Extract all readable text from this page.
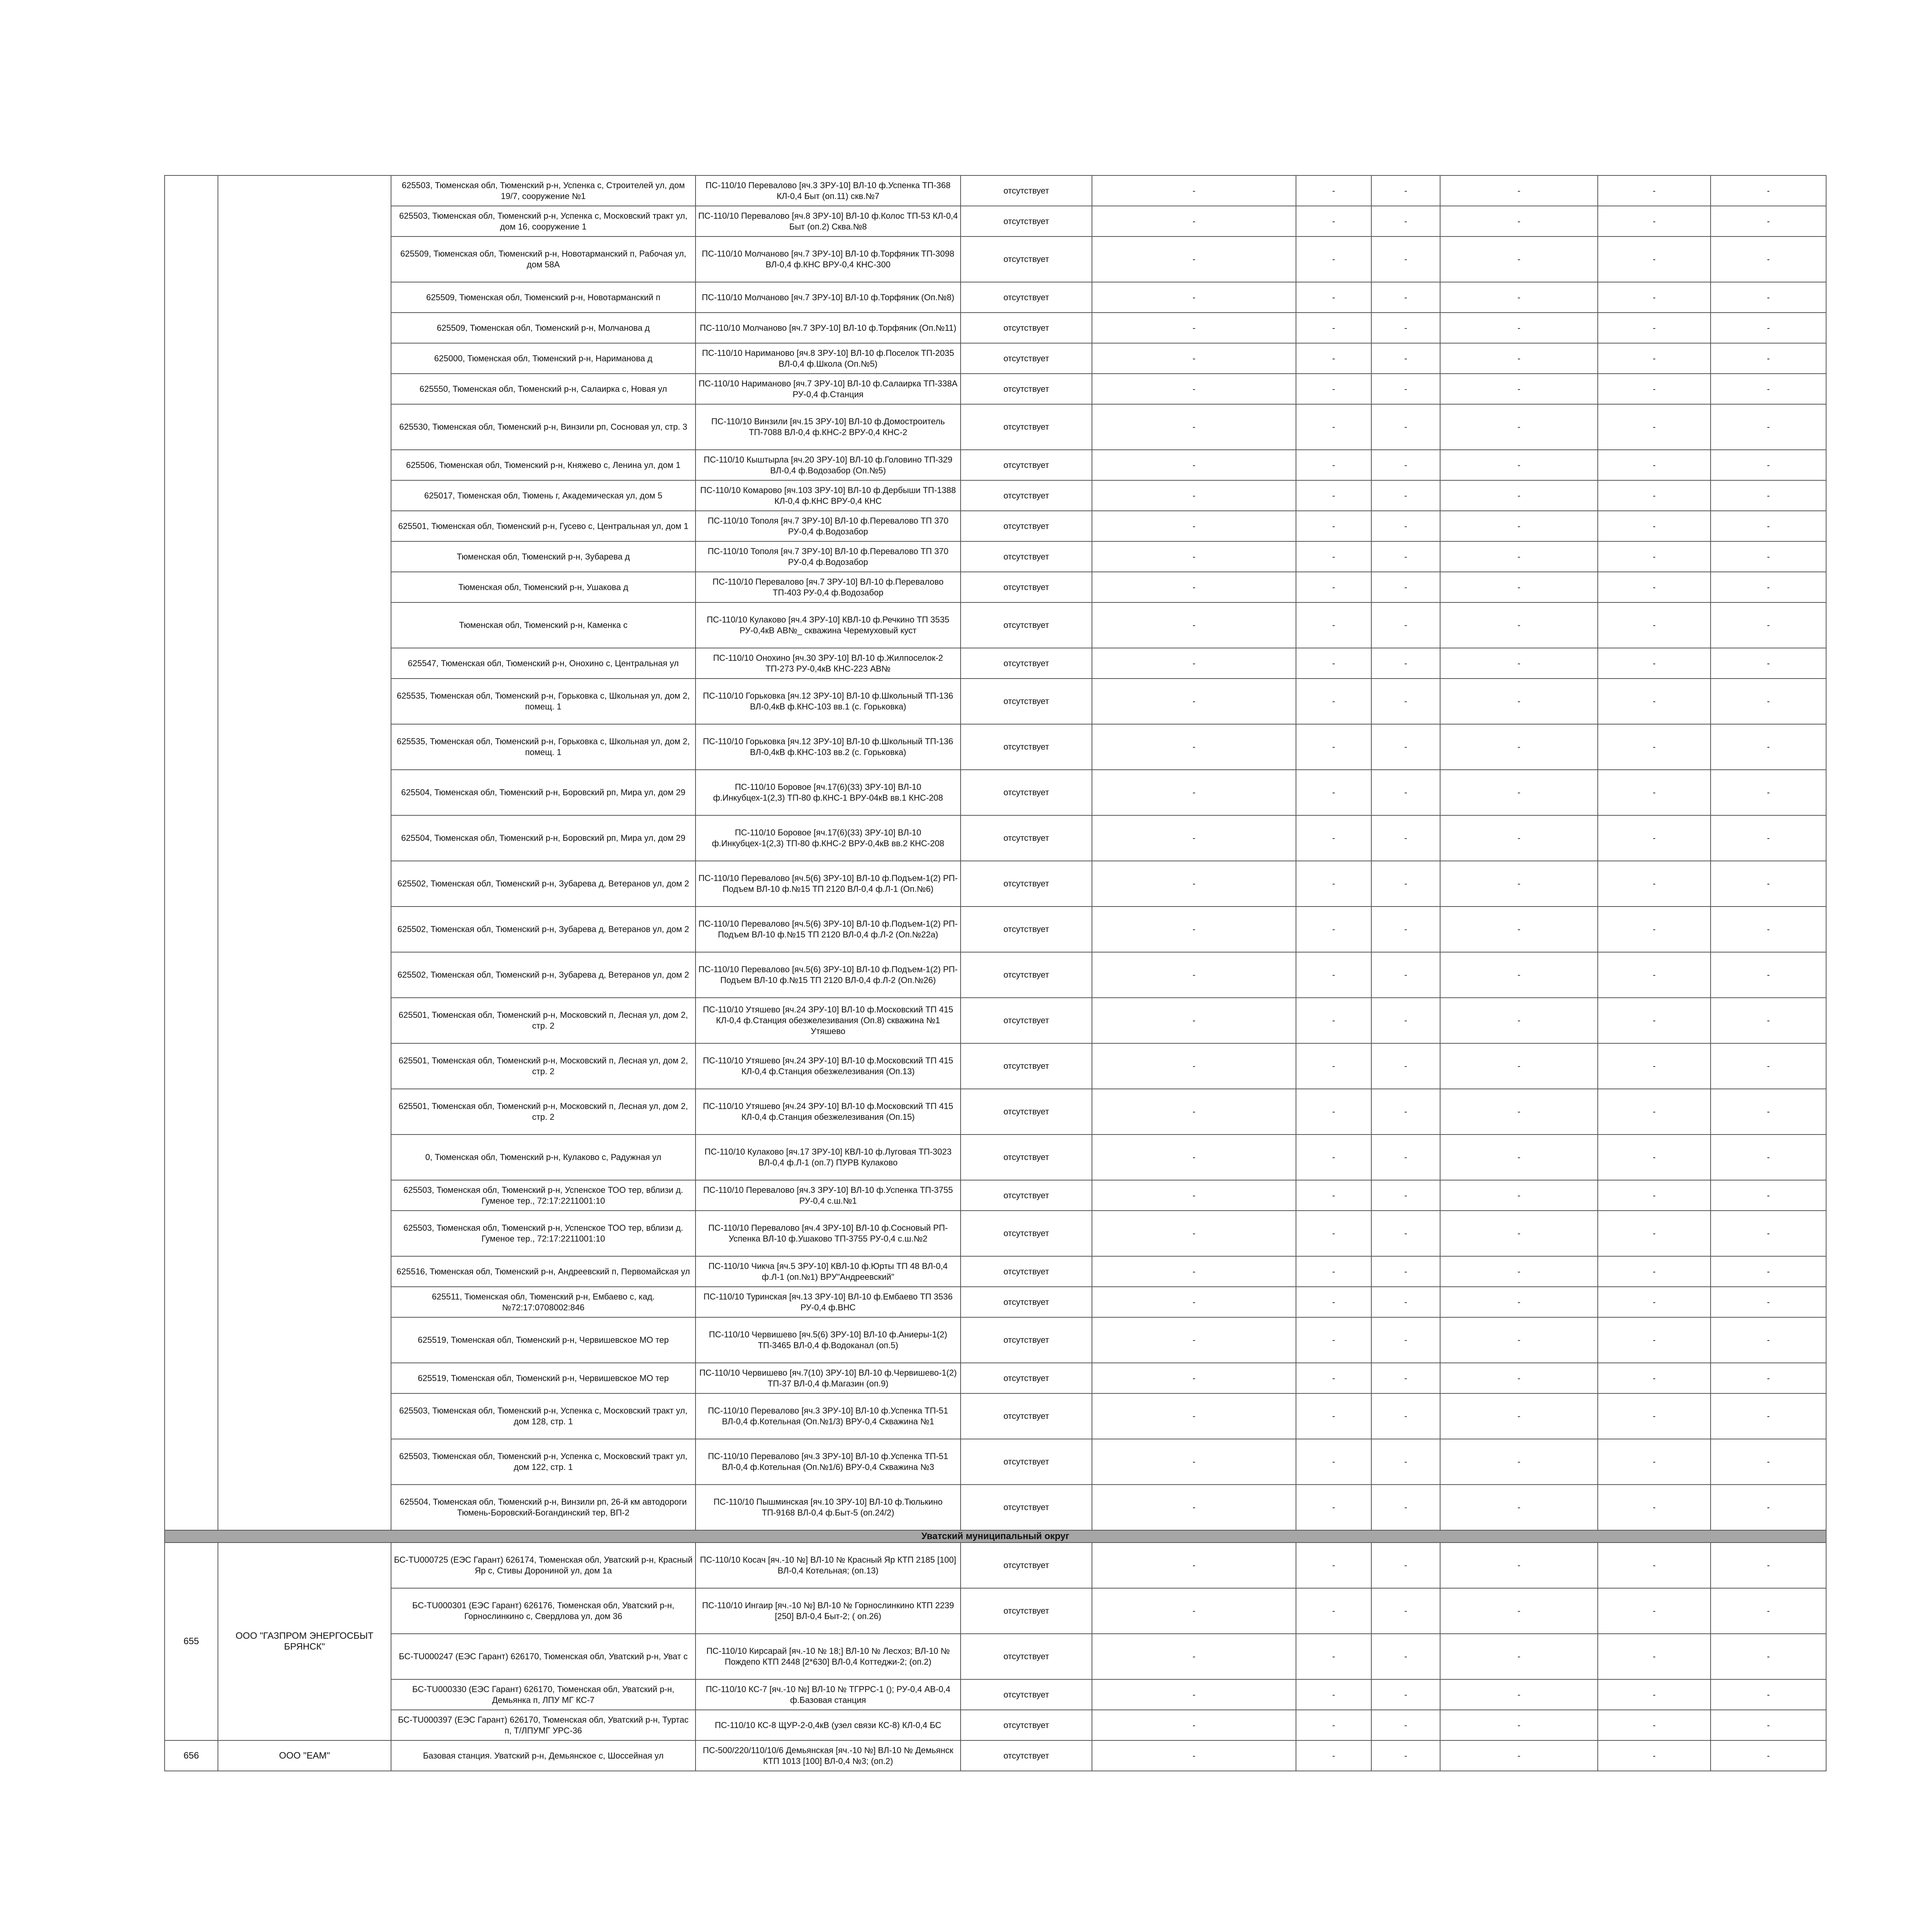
		625503, Тюменская обл, Тюменский р-н, Успенка с, Строителей ул, дом 19/7, сооружение №1	ПС-110/10 Перевалово [яч.3 ЗРУ-10] ВЛ-10 ф.Успенка ТП-368 КЛ-0,4 Быт (оп.11) скв.№7	отсутствует	-	-	-	-	-	-
		625503, Тюменская обл, Тюменский р-н, Успенка с, Московский тракт ул, дом 16, сооружение 1	ПС-110/10 Перевалово [яч.8 ЗРУ-10] ВЛ-10 ф.Колос ТП-53 КЛ-0,4 Быт (оп.2) Сква.№8	отсутствует	-	-	-	-	-	-
		625509, Тюменская обл, Тюменский р-н, Новотарманский п, Рабочая ул, дом 58А	ПС-110/10 Молчаново [яч.7 ЗРУ-10] ВЛ-10 ф.Торфяник ТП-3098 ВЛ-0,4 ф.КНС ВРУ-0,4 КНС-300	отсутствует	-	-	-	-	-	-
		625509, Тюменская обл, Тюменский р-н, Новотарманский п	ПС-110/10 Молчаново [яч.7 ЗРУ-10] ВЛ-10 ф.Торфяник (Оп.№8)	отсутствует	-	-	-	-	-	-
		625509, Тюменская обл, Тюменский р-н, Молчанова д	ПС-110/10 Молчаново [яч.7 ЗРУ-10] ВЛ-10 ф.Торфяник (Оп.№11)	отсутствует	-	-	-	-	-	-
		625000, Тюменская обл, Тюменский р-н, Нариманова д	ПС-110/10 Нариманово [яч.8 ЗРУ-10] ВЛ-10 ф.Поселок ТП-2035 ВЛ-0,4 ф.Школа (Оп.№5)	отсутствует	-	-	-	-	-	-
		625550, Тюменская обл, Тюменский р-н, Салаирка с, Новая ул	ПС-110/10 Нариманово [яч.7 ЗРУ-10] ВЛ-10 ф.Салаирка ТП-338А РУ-0,4 ф.Станция	отсутствует	-	-	-	-	-	-
		625530, Тюменская обл, Тюменский р-н, Винзили рп, Сосновая ул, стр. 3	ПС-110/10 Винзили [яч.15 ЗРУ-10] ВЛ-10 ф.Домостроитель ТП-7088 ВЛ-0,4 ф.КНС-2 ВРУ-0,4 КНС-2	отсутствует	-	-	-	-	-	-
		625506, Тюменская обл, Тюменский р-н, Княжево с, Ленина ул, дом 1	ПС-110/10 Кыштырла [яч.20 ЗРУ-10] ВЛ-10 ф.Головино ТП-329 ВЛ-0,4 ф.Водозабор (Оп.№5)	отсутствует	-	-	-	-	-	-
		625017, Тюменская обл, Тюмень г, Академическая ул, дом 5	ПС-110/10 Комарово [яч.103 ЗРУ-10] ВЛ-10 ф.Дербыши ТП-1388 КЛ-0,4 ф.КНС ВРУ-0,4 КНС	отсутствует	-	-	-	-	-	-
		625501, Тюменская обл, Тюменский р-н, Гусево с, Центральная ул, дом 1	ПС-110/10 Тополя [яч.7 ЗРУ-10] ВЛ-10 ф.Перевалово ТП 370 РУ-0,4 ф.Водозабор	отсутствует	-	-	-	-	-	-
		Тюменская обл, Тюменский р-н, Зубарева д	ПС-110/10 Тополя [яч.7 ЗРУ-10] ВЛ-10 ф.Перевалово ТП 370 РУ-0,4 ф.Водозабор	отсутствует	-	-	-	-	-	-
		Тюменская обл, Тюменский р-н, Ушакова д	ПС-110/10 Перевалово [яч.7 ЗРУ-10] ВЛ-10 ф.Перевалово ТП-403 РУ-0,4 ф.Водозабор	отсутствует	-	-	-	-	-	-
		Тюменская обл, Тюменский р-н, Каменка с	ПС-110/10 Кулаково [яч.4 ЗРУ-10] КВЛ-10 ф.Речкино ТП 3535 РУ-0,4кВ АВ№_ скважина Черемуховый куст	отсутствует	-	-	-	-	-	-
		625547, Тюменская обл, Тюменский р-н, Онохино с, Центральная ул	ПС-110/10 Онохино [яч.30 ЗРУ-10] ВЛ-10 ф.Жилпоселок-2 ТП-273 РУ-0,4кВ КНС-223 АВ№	отсутствует	-	-	-	-	-	-
		625535, Тюменская обл, Тюменский р-н, Горьковка с, Школьная ул, дом 2, помещ. 1	ПС-110/10 Горьковка [яч.12 ЗРУ-10] ВЛ-10 ф.Школьный ТП-136 ВЛ-0,4кВ ф.КНС-103 вв.1 (с. Горьковка)	отсутствует	-	-	-	-	-	-
		625535, Тюменская обл, Тюменский р-н, Горьковка с, Школьная ул, дом 2, помещ. 1	ПС-110/10 Горьковка [яч.12 ЗРУ-10] ВЛ-10 ф.Школьный ТП-136 ВЛ-0,4кВ ф.КНС-103 вв.2 (с. Горьковка)	отсутствует	-	-	-	-	-	-
		625504, Тюменская обл, Тюменский р-н, Боровский рп, Мира ул, дом 29	ПС-110/10 Боровое [яч.17(6)(33) ЗРУ-10] ВЛ-10 ф.Инкубцех-1(2,3) ТП-80 ф.КНС-1 ВРУ-04кВ вв.1 КНС-208	отсутствует	-	-	-	-	-	-
		625504, Тюменская обл, Тюменский р-н, Боровский рп, Мира ул, дом 29	ПС-110/10 Боровое [яч.17(6)(33) ЗРУ-10] ВЛ-10 ф.Инкубцех-1(2,3) ТП-80 ф.КНС-2 ВРУ-0,4кВ вв.2 КНС-208	отсутствует	-	-	-	-	-	-
		625502, Тюменская обл, Тюменский р-н, Зубарева д, Ветеранов ул, дом 2	ПС-110/10 Перевалово [яч.5(6) ЗРУ-10] ВЛ-10 ф.Подъем-1(2) РП-Подъем ВЛ-10 ф.№15 ТП 2120 ВЛ-0,4 ф.Л-1 (Оп.№6)	отсутствует	-	-	-	-	-	-
		625502, Тюменская обл, Тюменский р-н, Зубарева д, Ветеранов ул, дом 2	ПС-110/10 Перевалово [яч.5(6) ЗРУ-10] ВЛ-10 ф.Подъем-1(2) РП-Подъем ВЛ-10 ф.№15 ТП 2120 ВЛ-0,4 ф.Л-2 (Оп.№22а)	отсутствует	-	-	-	-	-	-
		625502, Тюменская обл, Тюменский р-н, Зубарева д, Ветеранов ул, дом 2	ПС-110/10 Перевалово [яч.5(6) ЗРУ-10] ВЛ-10 ф.Подъем-1(2) РП-Подъем ВЛ-10 ф.№15 ТП 2120 ВЛ-0,4 ф.Л-2 (Оп.№26)	отсутствует	-	-	-	-	-	-
		625501, Тюменская обл, Тюменский р-н, Московский п, Лесная ул, дом 2, стр. 2	ПС-110/10 Утяшево [яч.24 ЗРУ-10] ВЛ-10 ф.Московский ТП 415 КЛ-0,4 ф.Станция обезжелезивания (Оп.8) скважина №1 Утяшево	отсутствует	-	-	-	-	-	-
		625501, Тюменская обл, Тюменский р-н, Московский п, Лесная ул, дом 2, стр. 2	ПС-110/10 Утяшево [яч.24 ЗРУ-10] ВЛ-10 ф.Московский ТП 415 КЛ-0,4 ф.Станция обезжелезивания (Оп.13)	отсутствует	-	-	-	-	-	-
		625501, Тюменская обл, Тюменский р-н, Московский п, Лесная ул, дом 2, стр. 2	ПС-110/10 Утяшево [яч.24 ЗРУ-10] ВЛ-10 ф.Московский ТП 415 КЛ-0,4 ф.Станция обезжелезивания (Оп.15)	отсутствует	-	-	-	-	-	-
		0, Тюменская обл, Тюменский р-н, Кулаково с, Радужная ул	ПС-110/10 Кулаково [яч.17 ЗРУ-10] КВЛ-10 ф.Луговая ТП-3023 ВЛ-0,4 ф.Л-1 (оп.7) ПУРВ Кулаково	отсутствует	-	-	-	-	-	-
		625503, Тюменская обл, Тюменский р-н, Успенское ТОО тер, вблизи д. Гуменое тер., 72:17:2211001:10	ПС-110/10 Перевалово [яч.3 ЗРУ-10] ВЛ-10 ф.Успенка ТП-3755 РУ-0,4 с.ш.№1	отсутствует	-	-	-	-	-	-
		625503, Тюменская обл, Тюменский р-н, Успенское ТОО тер, вблизи д. Гуменое тер., 72:17:2211001:10	ПС-110/10 Перевалово [яч.4 ЗРУ-10] ВЛ-10 ф.Сосновый РП-Успенка ВЛ-10 ф.Ушаково ТП-3755 РУ-0,4 с.ш.№2	отсутствует	-	-	-	-	-	-
		625516, Тюменская обл, Тюменский р-н, Андреевский п, Первомайская ул	ПС-110/10 Чикча [яч.5 ЗРУ-10] КВЛ-10 ф.Юрты ТП 48 ВЛ-0,4 ф.Л-1 (оп.№1) ВРУ"Андреевский"	отсутствует	-	-	-	-	-	-
		625511, Тюменская обл, Тюменский р-н, Ембаево с, кад.№72:17:0708002:846	ПС-110/10 Туринская [яч.13 ЗРУ-10] ВЛ-10 ф.Ембаево ТП 3536 РУ-0,4 ф.ВНС	отсутствует	-	-	-	-	-	-
		625519, Тюменская обл, Тюменский р-н, Червишевское МО тер	ПС-110/10 Червишево [яч.5(6) ЗРУ-10] ВЛ-10 ф.Аниеры-1(2) ТП-3465 ВЛ-0,4 ф.Водоканал (оп.5)	отсутствует	-	-	-	-	-	-
		625519, Тюменская обл, Тюменский р-н, Червишевское МО тер	ПС-110/10 Червишево [яч.7(10) ЗРУ-10] ВЛ-10 ф.Червишево-1(2) ТП-37 ВЛ-0,4 ф.Магазин (оп.9)	отсутствует	-	-	-	-	-	-
		625503, Тюменская обл, Тюменский р-н, Успенка с, Московский тракт ул, дом 128, стр. 1	ПС-110/10 Перевалово [яч.3 ЗРУ-10] ВЛ-10 ф.Успенка ТП-51 ВЛ-0,4 ф.Котельная (Оп.№1/3) ВРУ-0,4 Скважина №1	отсутствует	-	-	-	-	-	-
		625503, Тюменская обл, Тюменский р-н, Успенка с, Московский тракт ул, дом 122, стр. 1	ПС-110/10 Перевалово [яч.3 ЗРУ-10] ВЛ-10 ф.Успенка ТП-51 ВЛ-0,4 ф.Котельная (Оп.№1/6) ВРУ-0,4 Скважина №3	отсутствует	-	-	-	-	-	-
		625504, Тюменская обл, Тюменский р-н, Винзили рп, 26-й км автодороги Тюмень-Боровский-Богандинский тер, ВП-2	ПС-110/10 Пышминская [яч.10 ЗРУ-10] ВЛ-10 ф.Тюлькино ТП-9168 ВЛ-0,4 ф.Быт-5 (оп.24/2)	отсутствует	-	-	-	-	-	-
Уватский муниципальный округ										
655	ООО "ГАЗПРОМ ЭНЕРГОСБЫТ БРЯНСК"	БС-TU000725 (ЕЭС Гарант) 626174, Тюменская обл, Уватский р-н, Красный Яр с, Стивы Дорониной ул, дом 1а	ПС-110/10 Косач [яч.-10 №] ВЛ-10 № Красный Яр КТП 2185 [100] ВЛ-0,4 Котельная; (оп.13)	отсутствует	-	-	-	-	-	-
		БС-TU000301 (ЕЭС Гарант) 626176, Тюменская обл, Уватский р-н, Горнослинкино с, Свердлова ул, дом 36	ПС-110/10 Ингаир [яч.-10 №] ВЛ-10 № Горнослинкино КТП 2239 [250] ВЛ-0,4 Быт-2; ( оп.26)	отсутствует	-	-	-	-	-	-
		БС-TU000247 (ЕЭС Гарант) 626170, Тюменская обл, Уватский р-н, Уват с	ПС-110/10 Кирсарай [яч.-10 № 18;] ВЛ-10 № Лесхоз; ВЛ-10 № Пождепо КТП 2448 [2*630] ВЛ-0,4 Коттеджи-2; (оп.2)	отсутствует	-	-	-	-	-	-
		БС-TU000330 (ЕЭС Гарант) 626170, Тюменская обл, Уватский р-н, Демьянка п, ЛПУ МГ КС-7	ПС-110/10 КС-7 [яч.-10 №] ВЛ-10 № ТГРРС-1 (); РУ-0,4 АВ-0,4 ф.Базовая станция	отсутствует	-	-	-	-	-	-
		БС-TU000397 (ЕЭС Гарант) 626170, Тюменская обл, Уватский р-н, Туртас п, Т/ЛПУМГ УРС-36	ПС-110/10 КС-8 ЩУР-2-0,4кВ (узел связи КС-8) КЛ-0,4 БС	отсутствует	-	-	-	-	-	-
656	ООО "ЕАМ"	Базовая станция. Уватский р-н, Демьянское с, Шоссейная ул	ПС-500/220/110/10/6 Демьянская [яч.-10 №] ВЛ-10 № Демьянск КТП 1013 [100] ВЛ-0,4 №3; (оп.2)	отсутствует	-	-	-	-	-	-
